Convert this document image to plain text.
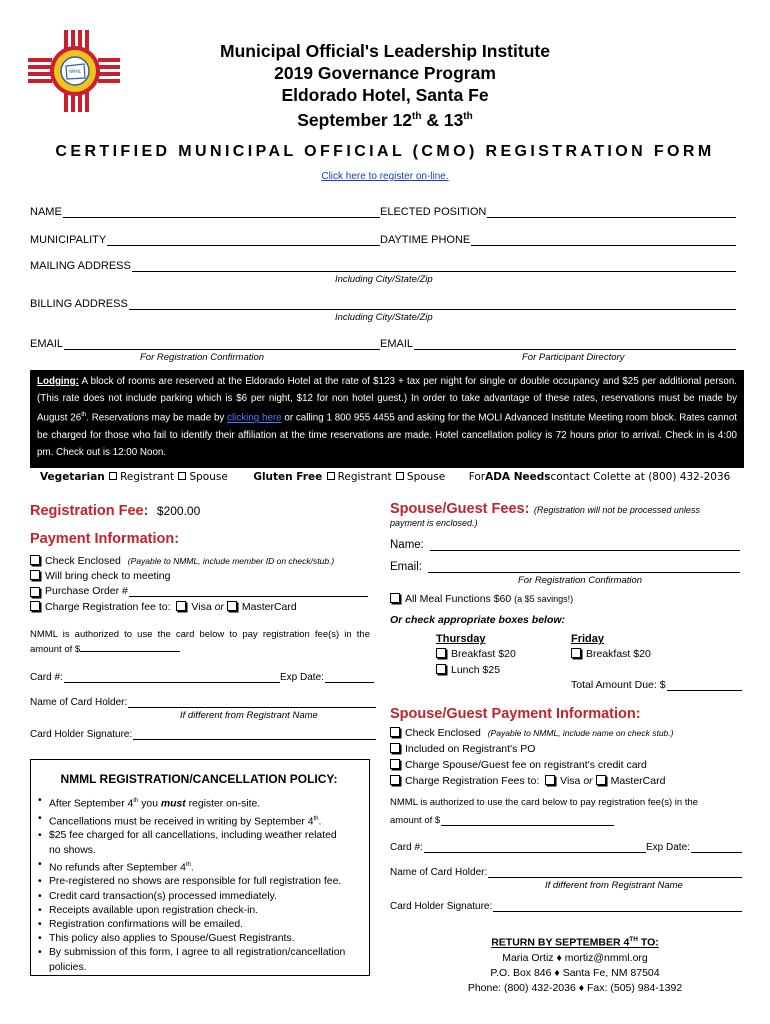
NMML
Municipal Official's Leadership Institute
2019 Governance Program
Eldorado Hotel, Santa Fe
September 12th & 13th
CERTIFIED MUNICIPAL OFFICIAL (CMO) REGISTRATION FORM
Click here to register on-line.
NAME	ELECTED POSITION
MUNICIPALITY	DAYTIME PHONE
MAILING ADDRESS
Including City/State/Zip
BILLING ADDRESS
Including City/State/Zip
EMAIL	EMAIL
For Registration Confirmation	For Participant Directory
Lodging: A block of rooms are reserved at the Eldorado Hotel at the rate of $123 + tax per night for single or double occupancy and $25 per additional person. (This rate does not include parking which is $6 per night, $12 for non hotel guest.) In order to take advantage of these rates, reservations must be made by August 26th. Reservations may be made by clicking here or calling 1 800 955 4455 and asking for the MOLI Advanced Institute Meeting room block. Rates cannot be charged for those who fail to identify their affiliation at the time reservations are made. Hotel cancellation policy is 72 hours prior to arrival. Check in is 4:00 pm. Check out is 12:00 Noon.
Vegetarian Registrant Spouse Gluten Free Registrant Spouse ForADA Needscontact Colette at (800) 432-2036
Registration Fee: $200.00
Payment Information:
Check Enclosed (Payable to NMML, include member ID on check/stub.)
Will bring check to meeting
Purchase Order #
Charge Registration fee to: Visa or MasterCard
NMML is authorized to use the card below to pay registration fee(s) in the amount of $
Card #:	Exp Date:
Name of Card Holder:
If different from Registrant Name
Card Holder Signature:
NMML REGISTRATION/CANCELLATION POLICY:
• After September 4th you must register on-site.
• Cancellations must be received in writing by September 4th.
• $25 fee charged for all cancellations, including weather related
no shows.
• No refunds after September 4th.
• Pre-registered no shows are responsible for full registration fee.
• Credit card transaction(s) processed immediately.
• Receipts available upon registration check-in.
• Registration confirmations will be emailed.
• This policy also applies to Spouse/Guest Registrants.
• By submission of this form, I agree to all registration/cancellation
policies.
Spouse/Guest Fees: (Registration will not be processed unless
payment is enclosed.)
Name:
Email:
For Registration Confirmation
All Meal Functions $60 (a $5 savings!)
Or check appropriate boxes below:
Thursday	Friday
Breakfast $20	Breakfast $20
Lunch $25
Total Amount Due: $
Spouse/Guest Payment Information:
Check Enclosed (Payable to NMML, include name on check stub.)
Included on Registrant's PO
Charge Spouse/Guest fee on registrant's credit card
Charge Registration Fees to: Visa or MasterCard
NMML is authorized to use the card below to pay registration fee(s) in the
amount of $
Card #:	Exp Date:
Name of Card Holder:
If different from Registrant Name
Card Holder Signature:
RETURN BY SEPTEMBER 4TH TO:
Maria Ortiz ♦ mortiz@nmml.org
P.O. Box 846 ♦ Santa Fe, NM 87504
Phone: (800) 432-2036 ♦ Fax: (505) 984-1392
